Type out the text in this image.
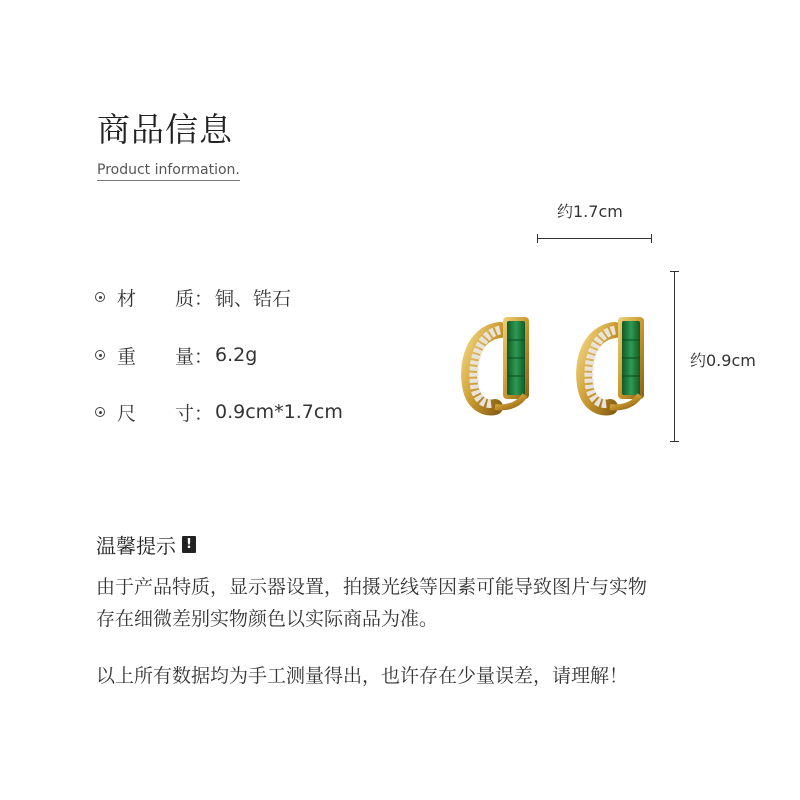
商品信息
Product information.
材 质： 铜、锆石
重 量： 6.2g
尺 寸： 0.9cm*1.7cm
约1.7cm
约0.9cm
温馨提示 !
由于产品特质，显示器设置，拍摄光线等因素可能导致图片与实物
存在细微差别实物颜色以实际商品为准。
以上所有数据均为手工测量得出，也许存在少量误差，请理解！
